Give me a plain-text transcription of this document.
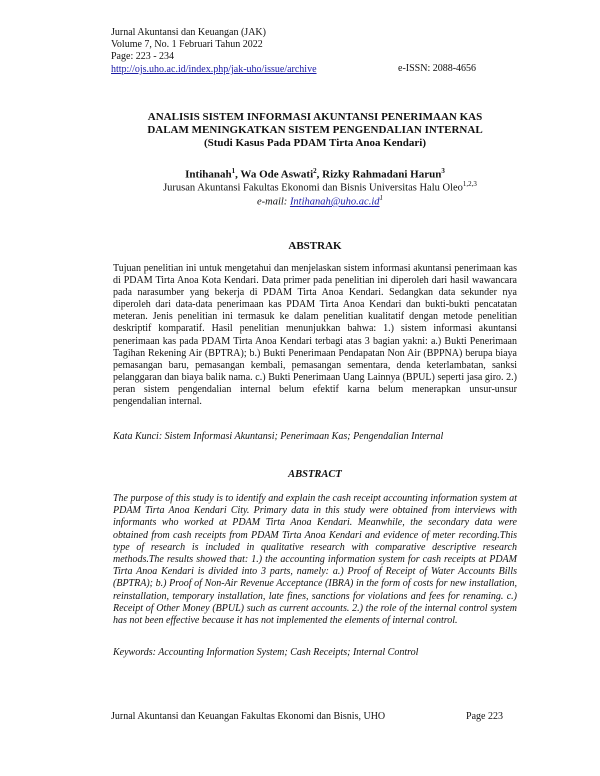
Jurnal Akuntansi dan Keuangan (JAK)
Volume 7, No. 1 Februari Tahun 2022
Page: 223 - 234
http://ojs.uho.ac.id/index.php/jak-uho/issue/archive	e-ISSN: 2088-4656
ANALISIS SISTEM INFORMASI AKUNTANSI PENERIMAAN KAS
DALAM MENINGKATKAN SISTEM PENGENDALIAN INTERNAL
(Studi Kasus Pada PDAM Tirta Anoa Kendari)
Intihanah$^1$, Wa Ode Aswati$^2$, Rizky Rahmadani Harun$^3$
Jurusan Akuntansi Fakultas Ekonomi dan Bisnis Universitas Halu Oleo$^{1,2,3}$
e-mail: $Intihanah@uho.ac.id^1$
ABSTRAK
Tujuan penelitian ini untuk mengetahui dan menjelaskan sistem informasi akuntansi penerimaan kas di PDAM Tirta Anoa Kota Kendari. Data primer pada penelitian ini diperoleh dari hasil wawancara pada narasumber yang bekerja di PDAM Tirta Anoa Kendari. Sedangkan data sekunder nya diperoleh dari data-data penerimaan kas PDAM Tirta Anoa Kendari dan bukti-bukti pencatatan meteran. Jenis penelitian ini termasuk ke dalam penelitian kualitatif dengan metode penelitian deskriptif komparatif. Hasil penelitian menunjukkan bahwa: 1.) sistem informasi akuntansi penerimaan kas pada PDAM Tirta Anoa Kendari terbagi atas 3 bagian yakni: a.) Bukti Penerimaan Tagihan Rekening Air (BPTRA); b.) Bukti Penerimaan Pendapatan Non Air (BPPNA) berupa biaya pemasangan baru, pemasangan kembali, pemasangan sementara, denda keterlambatan, sanksi pelanggaran dan biaya balik nama. c.) Bukti Penerimaan Uang Lainnya (BPUL) seperti jasa giro. 2.) peran sistem pengendalian internal belum efektif karna belum menerapkan unsur-unsur pengendalian internal.
Kata Kunci: Sistem Informasi Akuntansi; Penerimaan Kas; Pengendalian Internal
ABSTRACT
The purpose of this study is to identify and explain the cash receipt accounting information system at PDAM Tirta Anoa Kendari City. Primary data in this study were obtained from interviews with informants who worked at PDAM Tirta Anoa Kendari. Meanwhile, the secondary data were obtained from cash receipts from PDAM Tirta Anoa Kendari and evidence of meter recording.This type of research is included in qualitative research with comparative descriptive research methods.The results showed that: 1.) the accounting information system for cash receipts at PDAM Tirta Anoa Kendari is divided into 3 parts, namely: a.) Proof of Receipt of Water Accounts Bills (BPTRA); b.) Proof of Non-Air Revenue Acceptance (IBRA) in the form of costs for new installation, reinstallation, temporary installation, late fines, sanctions for violations and fees for renaming. c.) Receipt of Other Money (BPUL) such as current accounts. 2.) the role of the internal control system has not been effective because it has not implemented the elements of internal control.
Keywords: Accounting Information System; Cash Receipts; Internal Control
Jurnal Akuntansi dan Keuangan Fakultas Ekonomi dan Bisnis, UHO	Page 223
